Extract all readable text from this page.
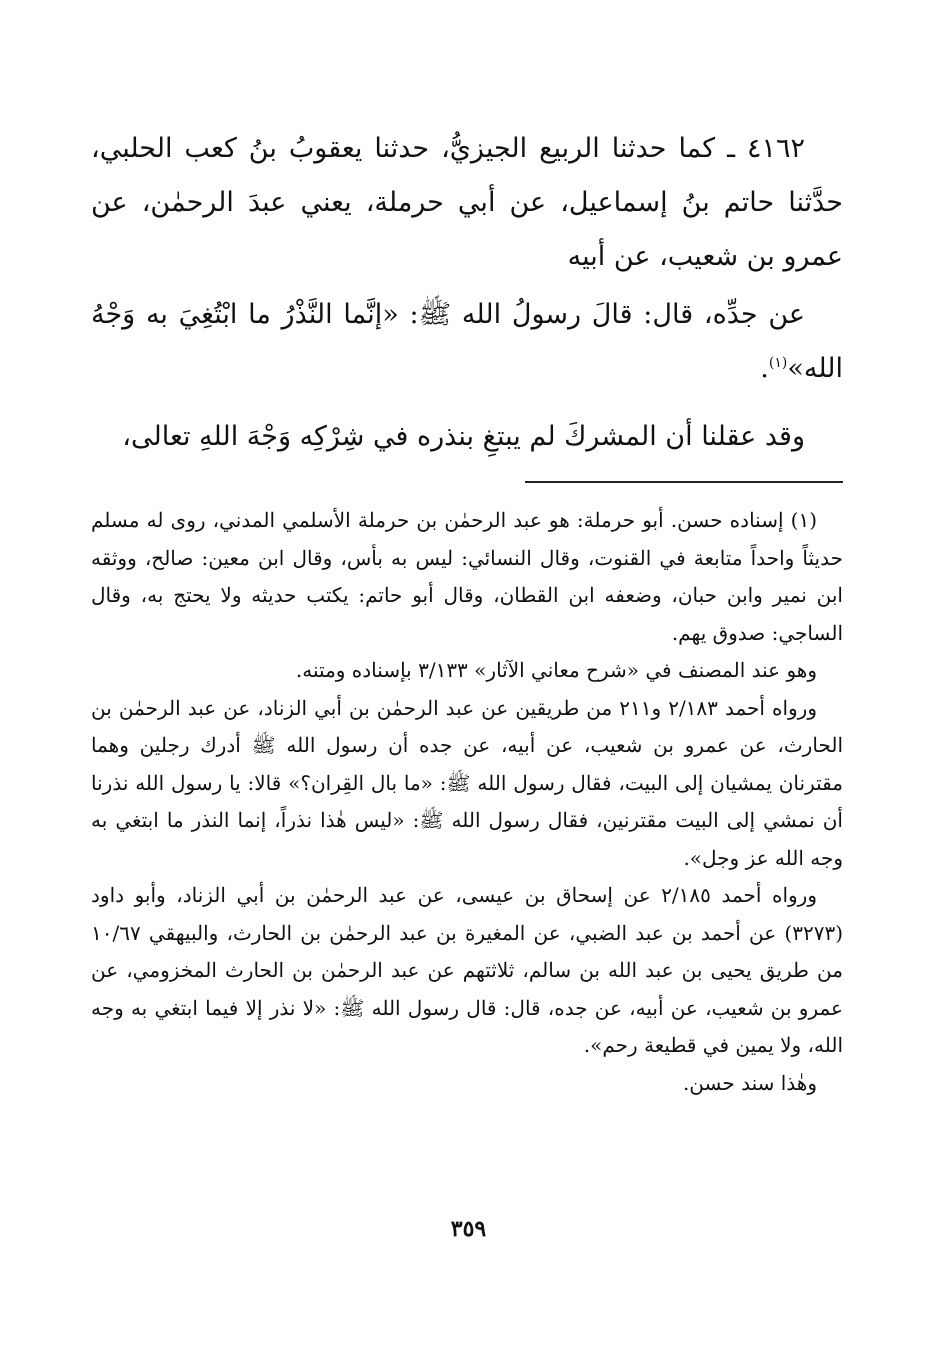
٤١٦٢ ـ كما حدثنا الربيع الجيزيُّ، حدثنا يعقوبُ بنُ كعب الحلبي، حدَّثنا حاتم بنُ إسماعيل، عن أبي حرملة، يعني عبدَ الرحمٰن، عن عمرو بن شعيب، عن أبيه

عن جدِّه، قال: قالَ رسولُ الله ﷺ: «إنَّما النَّذْرُ ما ابْتُغِيَ به وَجْهُ الله»$^{(١)}$.

وقد عقلنا أن المشركَ لم يبتغِ بنذره في شِرْكِه وَجْهَ اللهِ تعالى،

(١) إسناده حسن. أبو حرملة: هو عبد الرحمٰن بن حرملة الأسلمي المدني، روى له مسلم حديثاً واحداً متابعة في القنوت، وقال النسائي: ليس به بأس، وقال ابن معين: صالح، ووثقه ابن نمير وابن حبان، وضعفه ابن القطان، وقال أبو حاتم: يكتب حديثه ولا يحتج به، وقال الساجي: صدوق يهم.

وهو عند المصنف في «شرح معاني الآثار» ٣/١٣٣ بإسناده ومتنه.

ورواه أحمد ٢/١٨٣ و٢١١ من طريقين عن عبد الرحمٰن بن أبي الزناد، عن عبد الرحمٰن بن الحارث، عن عمرو بن شعيب، عن أبيه، عن جده أن رسول الله ﷺ أدرك رجلين وهما مقترنان يمشيان إلى البيت، فقال رسول الله ﷺ: «ما بال القِران؟» قالا: يا رسول الله نذرنا أن نمشي إلى البيت مقترنين، فقال رسول الله ﷺ: «ليس هٰذا نذراً، إنما النذر ما ابتغي به وجه الله عز وجل».

ورواه أحمد ٢/١٨٥ عن إسحاق بن عيسى، عن عبد الرحمٰن بن أبي الزناد، وأبو داود (٣٢٧٣) عن أحمد بن عبد الضبي، عن المغيرة بن عبد الرحمٰن بن الحارث، والبيهقي ١٠/٦٧ من طريق يحيى بن عبد الله بن سالم، ثلاثتهم عن عبد الرحمٰن بن الحارث المخزومي، عن عمرو بن شعيب، عن أبيه، عن جده، قال: قال رسول الله ﷺ: «لا نذر إلا فيما ابتغي به وجه الله، ولا يمين في قطيعة رحم».

وهٰذا سند حسن.

٣٥٩
